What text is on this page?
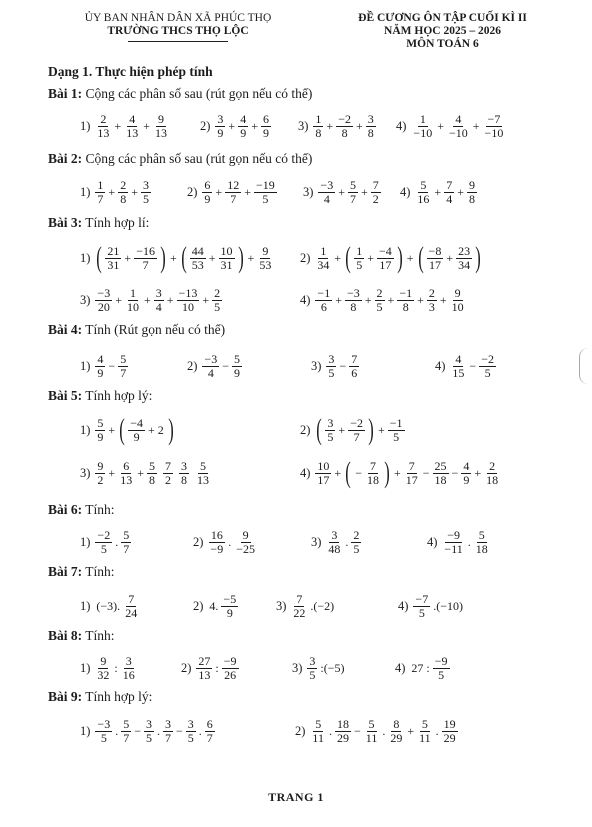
ỦY BAN NHÂN DÂN XÃ PHÚC THỌ
TRƯỜNG THCS THỌ LỘC
ĐỀ CƯƠNG ÔN TẬP CUỐI KÌ II
NĂM HỌC 2025 – 2026
MÔN TOÁN 6
Dạng 1. Thực hiện phép tính
Bài 1: Cộng các phân số sau (rút gọn nếu có thể)
Bài 2: Cộng các phân số sau (rút gọn nếu có thể)
Bài 3: Tính hợp lí:
Bài 4: Tính (Rút gọn nếu có thể)
Bài 5: Tính hợp lý:
Bài 6: Tính:
Bài 7: Tính:
Bài 8: Tính:
Bài 9: Tính hợp lý:
$1) \frac{2}{13} + \frac{4}{13} + \frac{9}{13} 2) \frac{3}{9} + \frac{4}{9} + \frac{6}{9} 3) \frac{1}{8} + \frac{-2}{8} + \frac{3}{8} 4) \frac{1}{-10} + \frac{4}{-10} + \frac{-7}{-10}$
$1) \frac{1}{7} + \frac{2}{8} + \frac{3}{5}$	$2) \frac{6}{9} + \frac{12}{7} + \frac{-19}{5} 3) \frac{-3}{4} + \frac{5}{7} + \frac{7}{2} 4) \frac{5}{16} + \frac{7}{4} + \frac{9}{8}$
1) ( $\frac{21}{31} + \frac{-16}{7}$ ) + ( $\frac{44}{53} + \frac{10}{31}$ ) + $\frac{9}{53} 2) \frac{1}{34}$ + ( $\frac{1}{5} + \frac{-4}{17}$ ) + ( $\frac{-8}{17} + \frac{23}{34}$ )
$3) \frac{-3}{20} + \frac{1}{10} + \frac{3}{4} + \frac{-13}{10} + \frac{2}{5}$	$4) \frac{-1}{6} + \frac{-3}{8} + \frac{2}{5} + \frac{-1}{8} + \frac{2}{3} + \frac{9}{10}$
$1) \frac{4}{9} - \frac{5}{7}$	$2) \frac{-3}{4} - \frac{5}{9}$	$3) \frac{3}{5} - \frac{7}{6}$	$4) \frac{4}{15} - \frac{-2}{5}$
$1) \frac{5}{9}$ + ( $\frac{-4}{9} + 2$ )	2) ( $\frac{3}{5} + \frac{-2}{7}$ ) + $\frac{-1}{5}$
$3) \frac{9}{2} + \frac{6}{13} + \frac{5}{8} \frac{7}{2} \frac{3}{8} \frac{5}{13}$	$4) \frac{10}{17}$ + ( − $\frac{7}{18}$ ) + $\frac{7}{17} - \frac{25}{18} - \frac{4}{9} + \frac{2}{18}$
$1) \frac{-2}{5}$ . $\frac{5}{7}$	$2) \frac{16}{-9}$ . $\frac{9}{-25}$	$3) \frac{3}{48}$ . $\frac{2}{5}$	$4) \frac{-9}{-11}$ . $\frac{5}{18}$
1) (−3). $\frac{7}{24}$	2) 4. $\frac{-5}{9}$	$3) \frac{7}{22} .(-2)$	$4) \frac{-7}{5} .(-10)$
$1) \frac{9}{32}$ : $\frac{3}{16}$	$2) \frac{27}{13}$ : $\frac{-9}{26}$	$3) \frac{3}{5}$ :(−5)	4) 27 : $\frac{-9}{5}$
$1) \frac{-3}{5}$ . $\frac{5}{7} - \frac{3}{5}$ . $\frac{3}{7} - \frac{3}{5}$ . $\frac{6}{7}$	$2) \frac{5}{11}$ . $\frac{18}{29} - \frac{5}{11}$ . $\frac{8}{29} + \frac{5}{11}$ . $\frac{19}{29}$
TRANG 1
